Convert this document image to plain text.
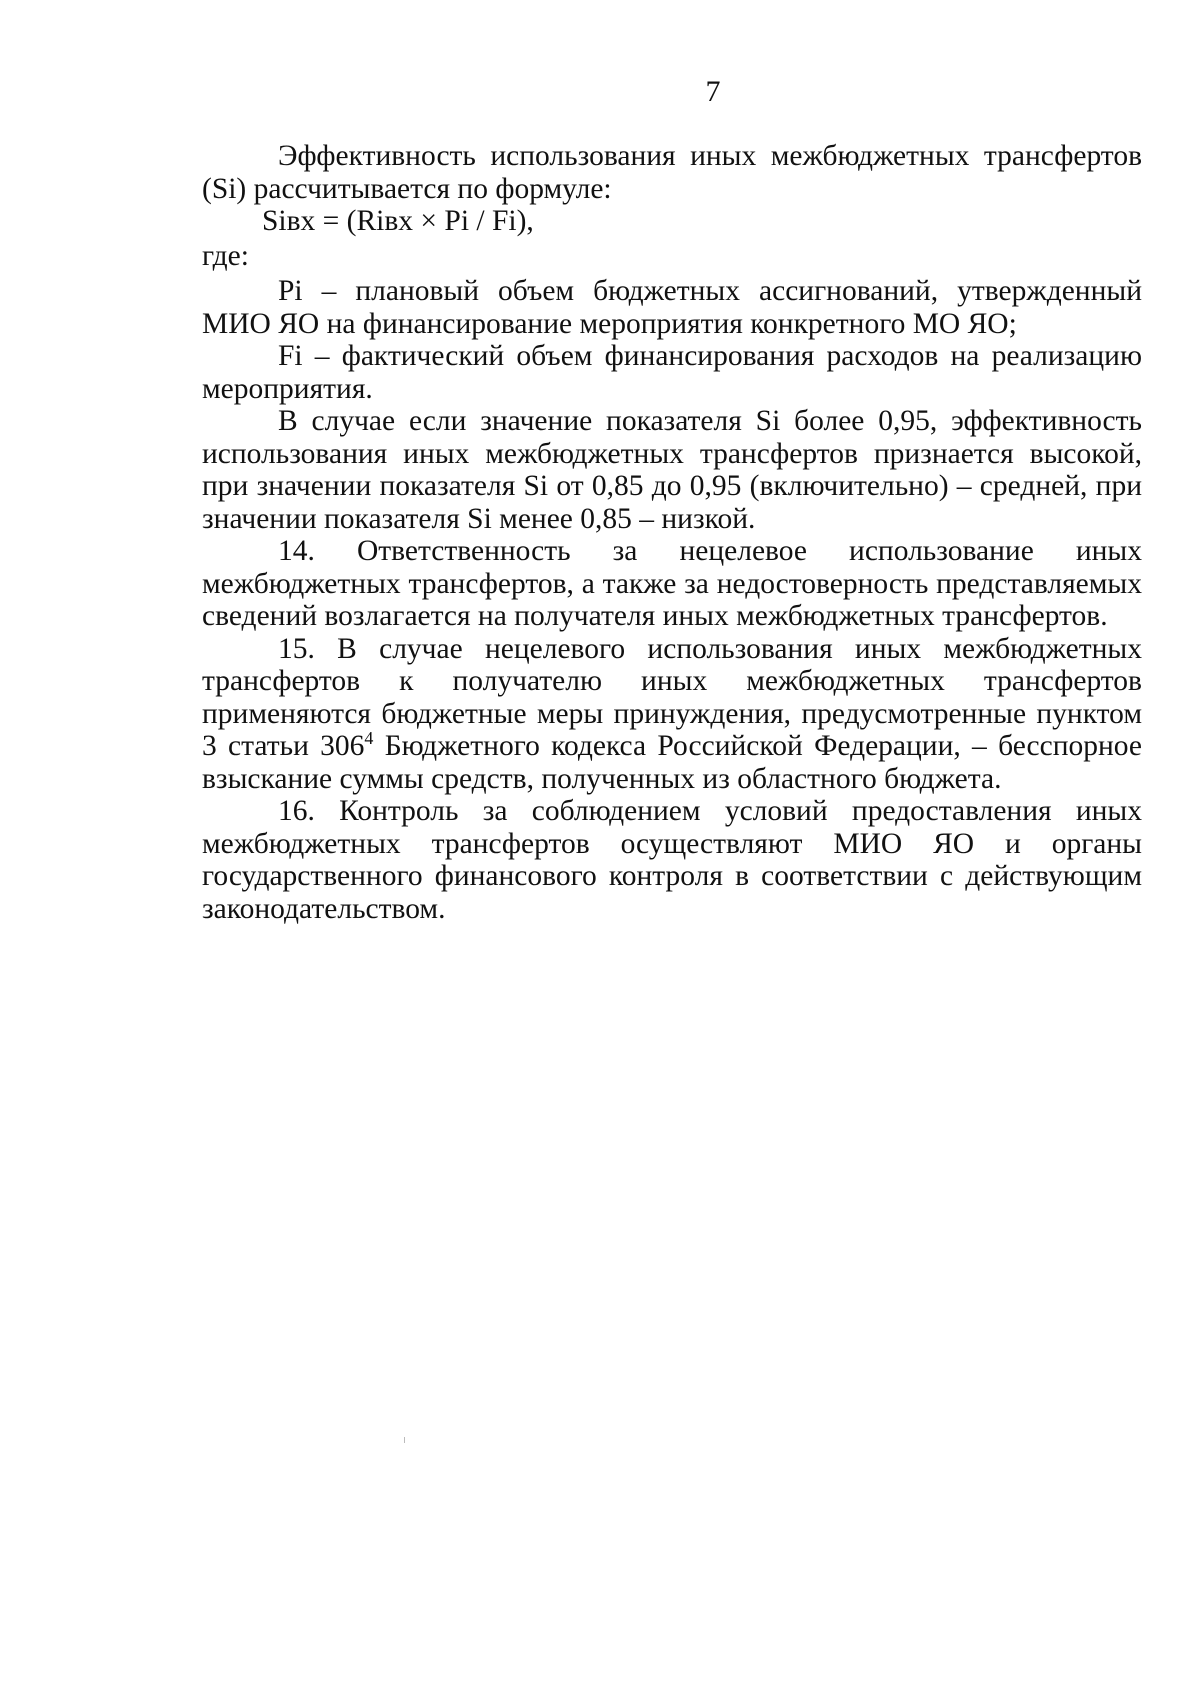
7

Эффективность использования иных межбюджетных трансфертов (Si) рассчитывается по формуле:

Siвх = (Riвх × Pi / Fi),

где:

Pi – плановый объем бюджетных ассигнований, утвержденный МИО ЯО на финансирование мероприятия конкретного МО ЯО;

Fi – фактический объем финансирования расходов на реализацию мероприятия.

В случае если значение показателя Si более 0,95, эффективность использования иных межбюджетных трансфертов признается высокой, при значении показателя Si от 0,85 до 0,95 (включительно) – средней, при значении показателя Si менее 0,85 – низкой.

14. Ответственность за нецелевое использование иных межбюджетных трансфертов, а также за недостоверность представляемых сведений возлагается на получателя иных межбюджетных трансфертов.

15. В случае нецелевого использования иных межбюджетных трансфертов к получателю иных межбюджетных трансфертов применяются бюджетные меры принуждения, предусмотренные пунктом 3 статьи $306^4$ Бюджетного кодекса Российской Федерации, – бесспорное взыскание суммы средств, полученных из областного бюджета.

16. Контроль за соблюдением условий предоставления иных межбюджетных трансфертов осуществляют МИО ЯО и органы государственного финансового контроля в соответствии с действующим законодательством.
